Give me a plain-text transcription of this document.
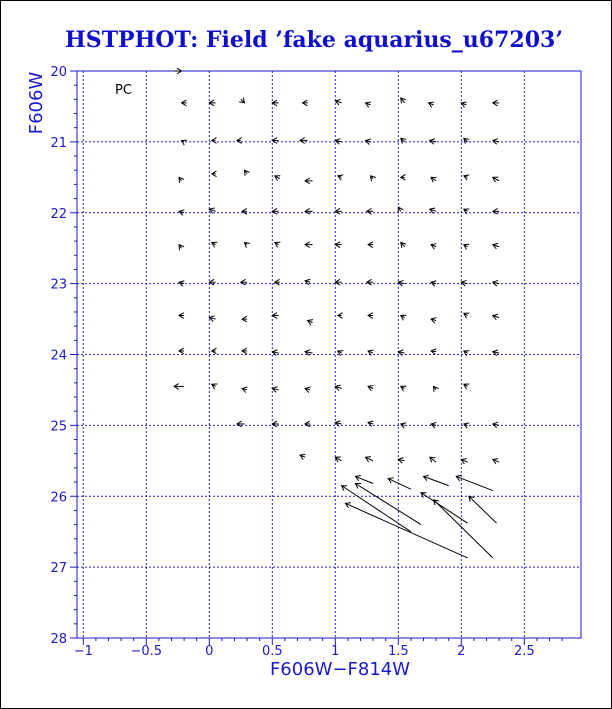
HSTPHOT: Field ’fake aquarius_u67203’
−1	−0.5	0	0.5	1	1.5	2	2.5
20
21
22
23
24
25
26
27
28
PC
F606W−F814W
F606W
